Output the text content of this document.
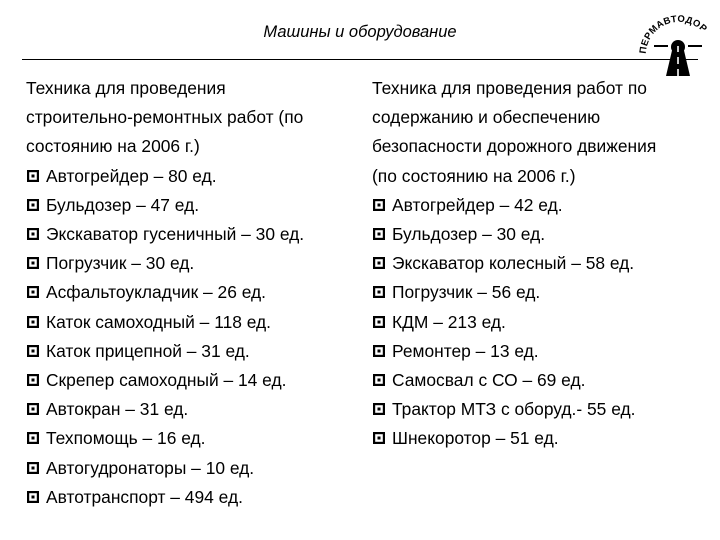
Машины и оборудование
ПЕРМАВТОДОР
Техника для проведения
строительно-ремонтных работ (по
состоянию на 2006 г.)
Автогрейдер – 80 ед.
Бульдозер – 47 ед.
Экскаватор гусеничный – 30 ед.
Погрузчик – 30 ед.
Асфальтоукладчик – 26 ед.
Каток самоходный – 118 ед.
Каток прицепной – 31 ед.
Скрепер самоходный – 14 ед.
Автокран – 31 ед.
Техпомощь – 16 ед.
Автогудронаторы – 10 ед.
Автотранспорт – 494 ед.
Техника для проведения работ по
содержанию и обеспечению
безопасности дорожного движения
(по состоянию на 2006 г.)
Автогрейдер – 42 ед.
Бульдозер – 30 ед.
Экскаватор колесный – 58 ед.
Погрузчик – 56 ед.
КДМ – 213 ед.
Ремонтер – 13 ед.
Самосвал с СО – 69 ед.
Трактор МТЗ с оборуд.- 55 ед.
Шнекоротор – 51 ед.
